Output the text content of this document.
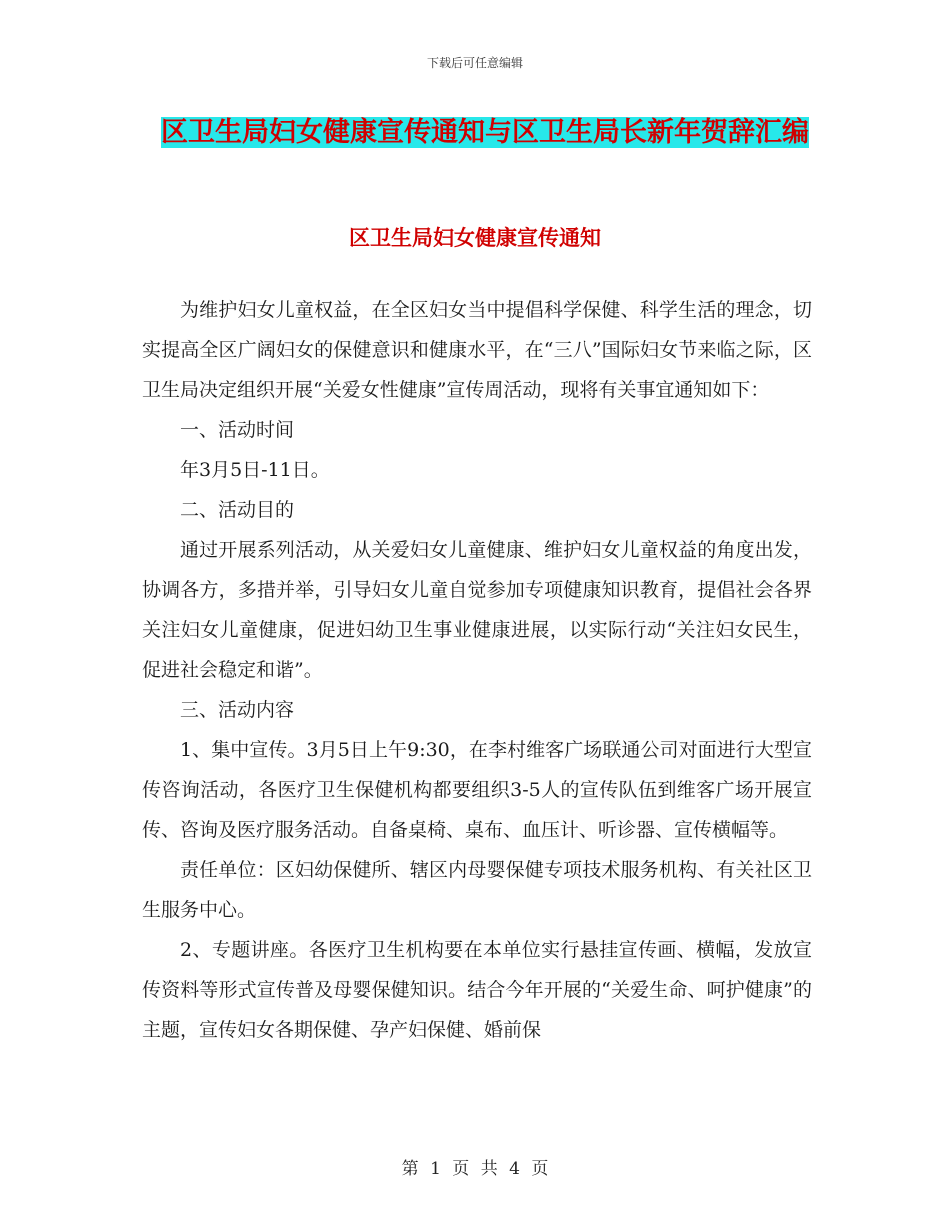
下载后可任意编辑
区卫生局妇女健康宣传通知与区卫生局长新年贺辞汇编
区卫生局妇女健康宣传通知

为维护妇女儿童权益，在全区妇女当中提倡科学保健、科学生活的理念，切实提高全区广阔妇女的保健意识和健康水平，在“三八”国际妇女节来临之际，区卫生局决定组织开展“关爱女性健康”宣传周活动，现将有关事宜通知如下：

一、活动时间

年3月5日-11日。

二、活动目的

通过开展系列活动，从关爱妇女儿童健康、维护妇女儿童权益的角度出发，协调各方，多措并举，引导妇女儿童自觉参加专项健康知识教育，提倡社会各界关注妇女儿童健康，促进妇幼卫生事业健康进展，以实际行动“关注妇女民生，促进社会稳定和谐”。

三、活动内容

1、集中宣传。3月5日上午9:30，在李村维客广场联通公司对面进行大型宣传咨询活动，各医疗卫生保健机构都要组织3-5人的宣传队伍到维客广场开展宣传、咨询及医疗服务活动。自备桌椅、桌布、血压计、听诊器、宣传横幅等。

责任单位：区妇幼保健所、辖区内母婴保健专项技术服务机构、有关社区卫生服务中心。

2、专题讲座。各医疗卫生机构要在本单位实行悬挂宣传画、横幅，发放宣传资料等形式宣传普及母婴保健知识。结合今年开展的“关爱生命、呵护健康”的主题，宣传妇女各期保健、孕产妇保健、婚前保

第 1 页 共 4 页
